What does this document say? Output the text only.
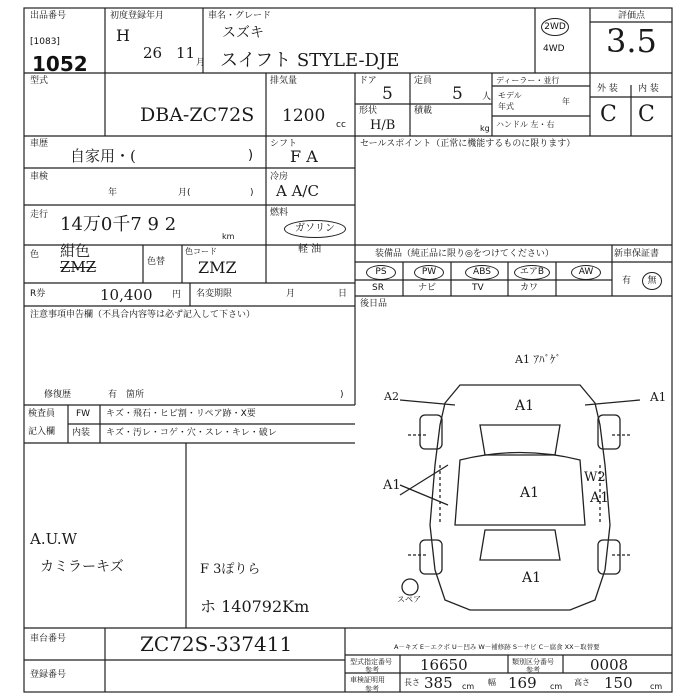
出品番号
[1083]
1052
初度登録年月
H
26 11
月
車名・グレード
スズキ
スイフト STYLE-DJE
2WD
4WD
評価点
3.5
型式
DBA-ZC72S
排気量
1200 cc
ドア
5
定員
5 人
形状
H/B
積載
kg
ディーラー・並行
モデル
年式
年
ハンドル 左・右
外 装 内 装
C C
車歴
自家用・(	)
車検
年	月(	)
走行 14万0千7 9 2
km
色 紺色
ZMZ	色替
色コード
ZMZ
シフト
F A
冷房
A A/C
燃料
ガソリン
軽 油
R券	10,400 円 名変期限	月	日
セールスポイント（正常に機能するものに限ります）
装備品（純正品に限り◎をつけてください）	新車保証書
PS	PW	ABS	エアB	AW
SR	ナビ	TV	カワ
有	無
後日品
注意事項申告欄（不具合内容等は必ず記入して下さい）
修復歴	有 箇所	)
検査員
記入欄
FW キズ・飛石・ヒビ割・リペア跡・X要
内装 キズ・汚レ・コゲ・穴・スレ・キレ・破レ
A1 ｱﾊﾞｹﾞ
A2	A1
A1
A1	A1
W2
A1
A1
スペア
A.U.W
カミラーキズ	F 3ぽりら
ホ 140792Km
車台番号	ZC72S-337411
登録番号
A－キズ E－エクボ U－凹み W－補修跡 S－サビ C－腐食 XX－取替要
型式指定番号
参考	16650	類別区分番号
参考	0008
車検証明用
参考
長さ 385 cm 幅 169 cm 高さ 150 cm
